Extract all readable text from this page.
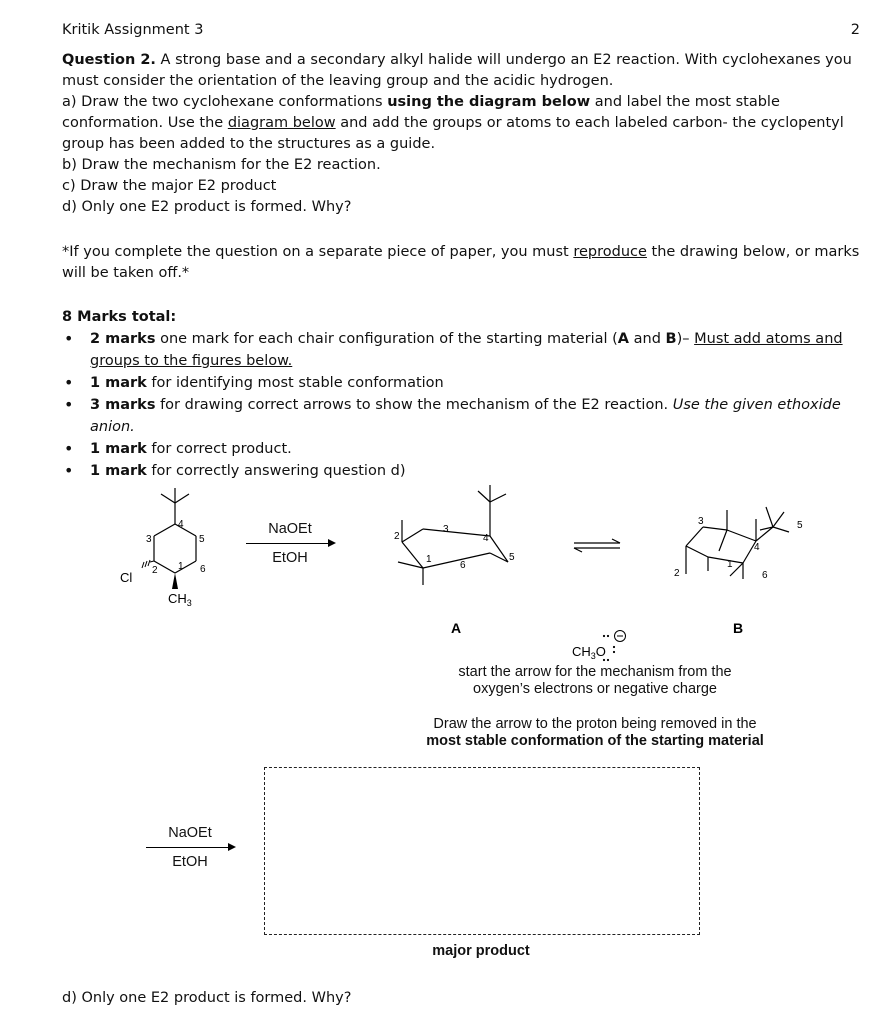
Kritik Assignment 3	2

Question 2. A strong base and a secondary alkyl halide will undergo an E2 reaction. With cyclohexanes you must consider the orientation of the leaving group and the acidic hydrogen.

a) Draw the two cyclohexane conformations using the diagram below and label the most stable conformation. Use the diagram below and add the groups or atoms to each labeled carbon- the cyclopentyl group has been added to the structures as a guide.

b) Draw the mechanism for the E2 reaction.

c) Draw the major E2 product

d) Only one E2 product is formed. Why?

*If you complete the question on a separate piece of paper, you must reproduce the drawing below, or marks will be taken off.*
8 Marks total:
• 2 marks one mark for each chair configuration of the starting material (A and B)– Must add atoms and groups to the figures below.
• 1 mark for identifying most stable conformation
• 3 marks for drawing correct arrows to show the mechanism of the E2 reaction. Use the given ethoxide anion.
• 1 mark for correct product.
• 1 mark for correctly answering question d)
3
4
5
6
1
2
2
3
4
5
6
1
3
4
5
6
1
2
Cl
$CH_3$
A	B
$CH_3O$
NaOEt
EtOH
start the arrow for the mechanism from the
oxygen’s electrons or negative charge
Draw the arrow to the proton being removed in the
most stable conformation of the starting material
NaOEt
EtOH
major product
d) Only one E2 product is formed. Why?
